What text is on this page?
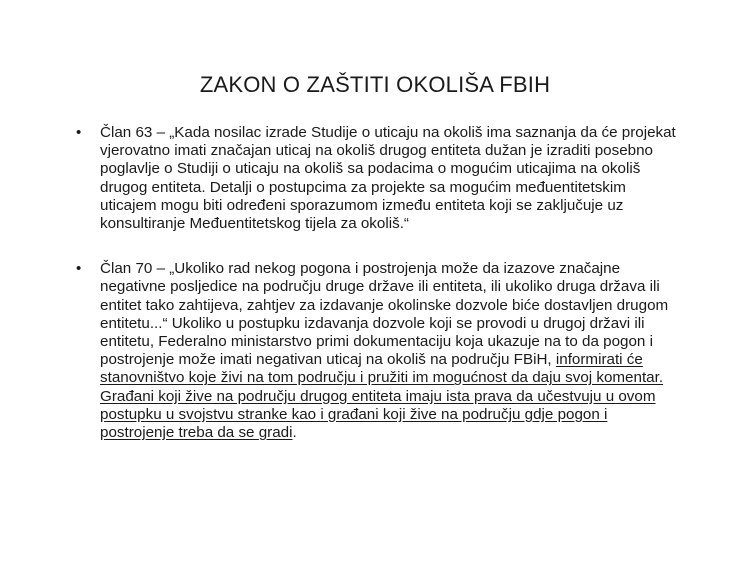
ZAKON O ZAŠTITI OKOLIŠA FBIH
• Član 63 – „Kada nosilac izrade Studije o uticaju na okoliš ima saznanja da će projekat vjerovatno imati značajan uticaj na okoliš drugog entiteta dužan je izraditi posebno poglavlje o Studiji o uticaju na okoliš sa podacima o mogućim uticajima na okoliš drugog entiteta. Detalji o postupcima za projekte sa mogućim međuentitetskim uticajem mogu biti određeni sporazumom između entiteta koji se zaključuje uz konsultiranje Međuentitetskog tijela za okoliš.“
• Član 70 – „Ukoliko rad nekog pogona i postrojenja može da izazove značajne negativne posljedice na području druge države ili entiteta, ili ukoliko druga država ili entitet tako zahtijeva, zahtjev za izdavanje okolinske dozvole biće dostavljen drugom entitetu...“ Ukoliko u postupku izdavanja dozvole koji se provodi u drugoj državi ili entitetu, Federalno ministarstvo primi dokumentaciju koja ukazuje na to da pogon i postrojenje može imati negativan uticaj na okoliš na području FBiH, informirati će stanovništvo koje živi na tom području i pružiti im mogućnost da daju svoj komentar. Građani koji žive na području drugog entiteta imaju ista prava da učestvuju u ovom postupku u svojstvu stranke kao i građani koji žive na području gdje pogon i postrojenje treba da se gradi.
